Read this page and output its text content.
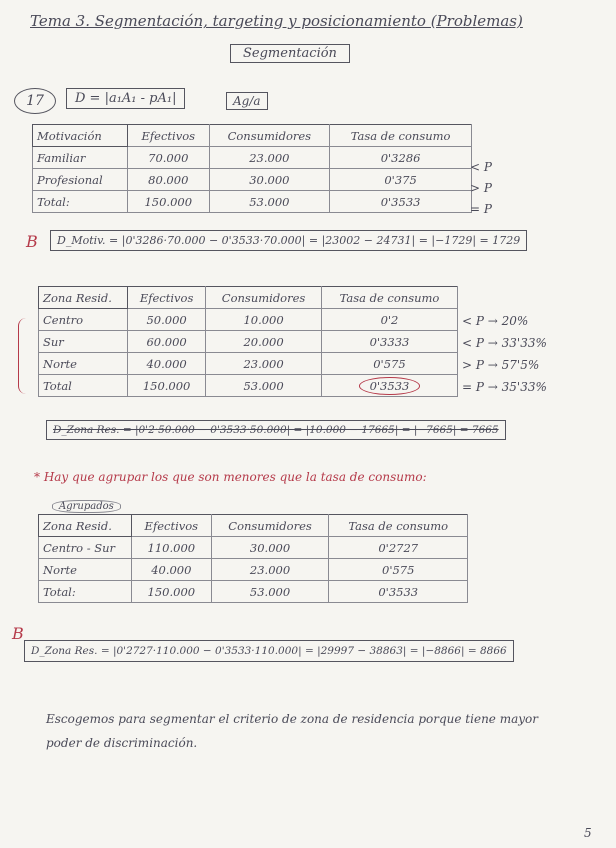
Tema 3. Segmentación, targeting y posicionamiento (Problemas)
Segmentación
17	D = |a₁A₁ - pA₁|	Ag/a
Motivación	Efectivos	Consumidores	Tasa de consumo
Familiar	70.000	23.000	0'3286
Profesional	80.000	30.000	0'375
Total:	150.000	53.000	0'3533
< P
> P
= P
B	D_Motiv. = |0'3286·70.000 − 0'3533·70.000| = |23002 − 24731| = |−1729| = 1729
Zona Resid.	Efectivos	Consumidores	Tasa de consumo
Centro	50.000	10.000	0'2
Sur	60.000	20.000	0'3333
Norte	40.000	23.000	0'575
Total	150.000	53.000	0'3533
< P → 20%
< P → 33'33%
> P → 57'5%
= P → 35'33%
D_Zona Res. = |0'2·50.000 − 0'3533·50.000| = |10.000 − 17665| = |−7665| = 7665
* Hay que agrupar los que son menores que la tasa de consumo:
Agrupados
Zona Resid.	Efectivos	Consumidores	Tasa de consumo
Centro - Sur	110.000	30.000	0'2727
Norte	40.000	23.000	0'575
Total:	150.000	53.000	0'3533
B
D_Zona Res. = |0'2727·110.000 − 0'3533·110.000| = |29997 − 38863| = |−8866| = 8866
Escogemos para segmentar el criterio de zona de residencia porque tiene mayor
poder de discriminación.
5
